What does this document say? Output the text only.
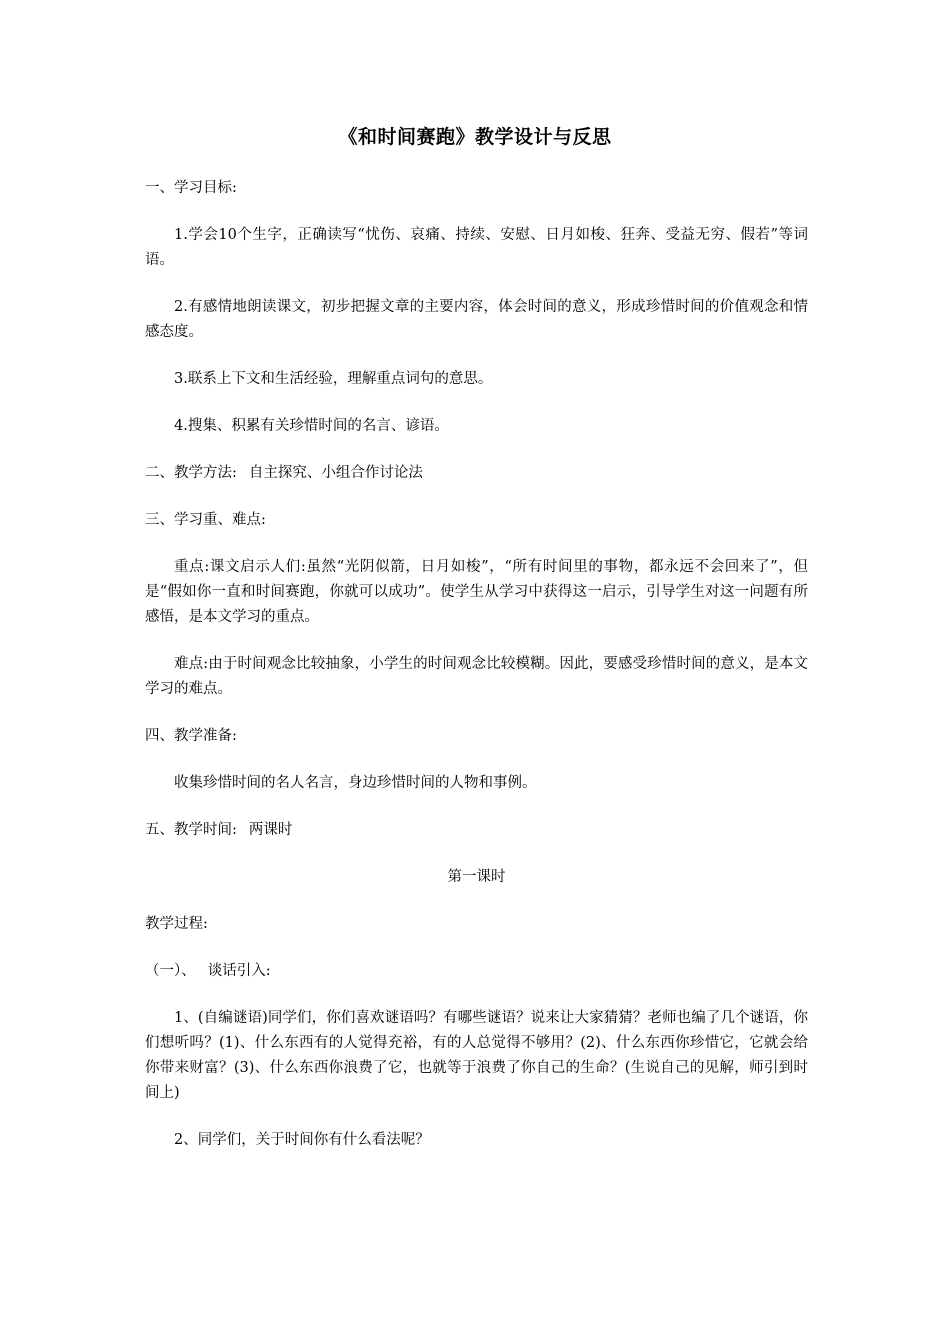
《和时间赛跑》教学设计与反思

一、学习目标:

1.学会10个生字，正确读写“忧伤、哀痛、持续、安慰、日月如梭、狂奔、受益无穷、假若”等词语。

2.有感情地朗读课文，初步把握文章的主要内容，体会时间的意义，形成珍惜时间的价值观念和情感态度。

3.联系上下文和生活经验，理解重点词句的意思。

4.搜集、积累有关珍惜时间的名言、谚语。

二、教学方法: 自主探究、小组合作讨论法

三、学习重、难点:

重点:课文启示人们:虽然“光阴似箭，日月如梭”，“所有时间里的事物，都永远不会回来了”，但是“假如你一直和时间赛跑，你就可以成功”。使学生从学习中获得这一启示，引导学生对这一问题有所感悟，是本文学习的重点。

难点:由于时间观念比较抽象，小学生的时间观念比较模糊。因此，要感受珍惜时间的意义，是本文学习的难点。

四、教学准备:

收集珍惜时间的名人名言，身边珍惜时间的人物和事例。

五、教学时间: 两课时

第一课时

教学过程:

（一）、 谈话引入:

1、(自编谜语)同学们，你们喜欢谜语吗？有哪些谜语？说来让大家猜猜？老师也编了几个谜语，你们想听吗？(1)、什么东西有的人觉得充裕，有的人总觉得不够用？(2)、什么东西你珍惜它，它就会给你带来财富？(3)、什么东西你浪费了它，也就等于浪费了你自己的生命？(生说自己的见解，师引到时间上)

2、同学们，关于时间你有什么看法呢？
